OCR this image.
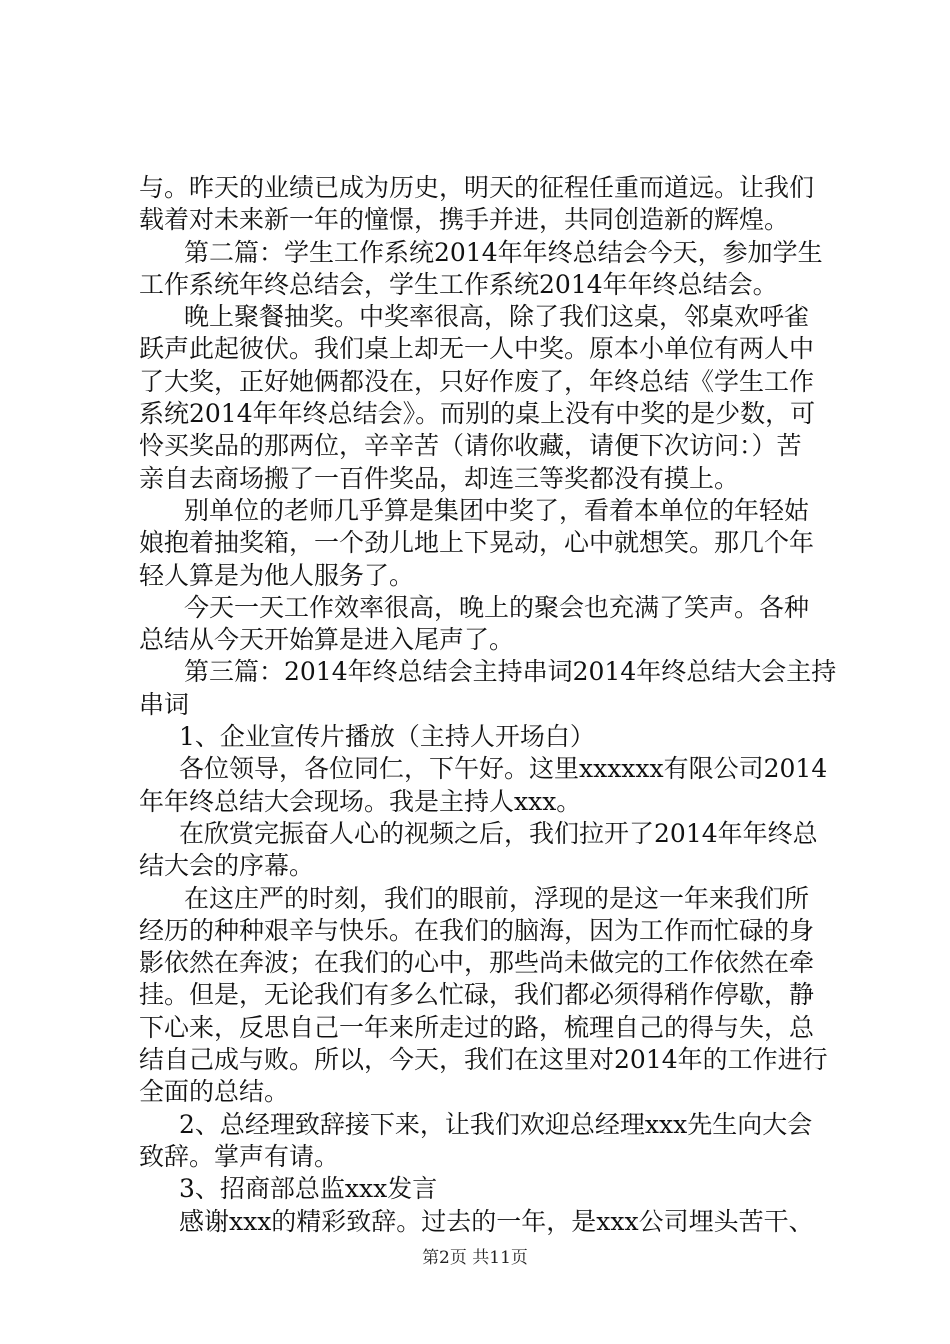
与。昨天的业绩已成为历史，明天的征程任重而道远。让我们
载着对未来新一年的憧憬，携手并进，共同创造新的辉煌。
第二篇：学生工作系统2014年年终总结会今天，参加学生
工作系统年终总结会，学生工作系统2014年年终总结会。
晚上聚餐抽奖。中奖率很高，除了我们这桌，邻桌欢呼雀
跃声此起彼伏。我们桌上却无一人中奖。原本小单位有两人中
了大奖，正好她俩都没在，只好作废了，年终总结《学生工作
系统2014年年终总结会》。而别的桌上没有中奖的是少数，可
怜买奖品的那两位，辛辛苦（请你收藏，请便下次访问：）苦
亲自去商场搬了一百件奖品，却连三等奖都没有摸上。
别单位的老师几乎算是集团中奖了，看着本单位的年轻姑
娘抱着抽奖箱，一个劲儿地上下晃动，心中就想笑。那几个年
轻人算是为他人服务了。
今天一天工作效率很高，晚上的聚会也充满了笑声。各种
总结从今天开始算是进入尾声了。
第三篇：2014年终总结会主持串词2014年终总结大会主持
串词
1、企业宣传片播放（主持人开场白）
各位领导，各位同仁，下午好。这里xxxxxx有限公司2014
年年终总结大会现场。我是主持人xxx。
在欣赏完振奋人心的视频之后，我们拉开了2014年年终总
结大会的序幕。
在这庄严的时刻，我们的眼前，浮现的是这一年来我们所
经历的种种艰辛与快乐。在我们的脑海，因为工作而忙碌的身
影依然在奔波；在我们的心中，那些尚未做完的工作依然在牵
挂。但是，无论我们有多么忙碌，我们都必须得稍作停歇，静
下心来，反思自己一年来所走过的路，梳理自己的得与失，总
结自己成与败。所以，今天，我们在这里对2014年的工作进行
全面的总结。
2、总经理致辞接下来，让我们欢迎总经理xxx先生向大会
致辞。掌声有请。
3、招商部总监xxx发言
感谢xxx的精彩致辞。过去的一年，是xxx公司埋头苦干、
第2页 共11页
